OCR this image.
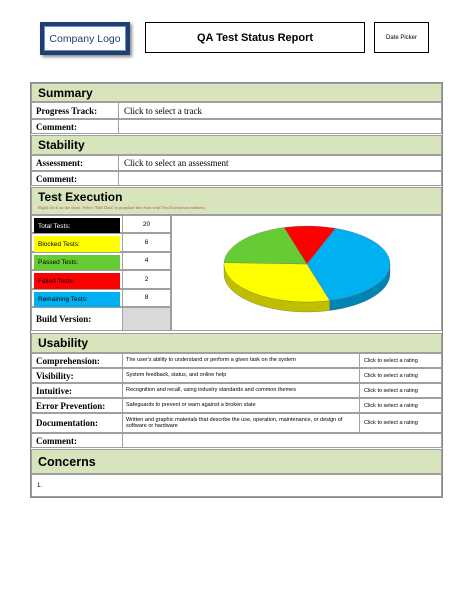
Company Logo	QA Test Status Report	Date Picker
Summary
Progress Track:	Click to select a track
Comment:
Stability
Assessment:	Click to select an assessment
Comment:
Test Execution
Right click on the chart. Select 'Edit Data' to populate the chart with Test Execution numbers.
Total Tests:	20
Blocked Tests:	6
Passed Tests:	4
Failed Tests:	2
Remaining Tests:	8
Build Version:
Usability
Comprehension:	The user's ability to understand or perform a given task on the system	Click to select a rating
Visibility:	System feedback, status, and online help	Click to select a rating
Intuitive:	Recognition and recall, using industry standards and common themes	Click to select a rating
Error Prevention:	Safeguards to prevent or warn against a broken state	Click to select a rating
Documentation:	Written and graphic materials that describe the use, operation, maintenance, or design of software or hardware	Click to select a rating
Comment:
Concerns
1.
